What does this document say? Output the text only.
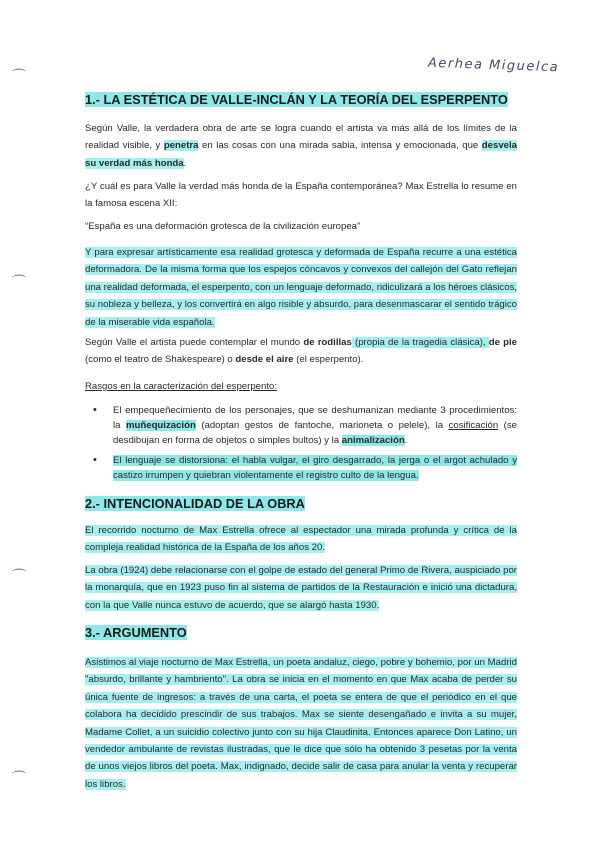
Aerhea Miguelca
⌒
⌒
⌒
⌒
1.- LA ESTÉTICA DE VALLE-INCLÁN Y LA TEORÍA DEL ESPERPENTO

Según Valle, la verdadera obra de arte se logra cuando el artista va más allá de los límites de la realidad visible, y penetra en las cosas con una mirada sabia, intensa y emocionada, que desvela su verdad más honda.

¿Y cuál es para Valle la verdad más honda de la España contemporánea? Max Estrella lo resume en la famosa escena XII:

“España es una deformación grotesca de la civilización europea”

Y para expresar artísticamente esa realidad grotesca y deformada de España recurre a una estética deformadora. De la misma forma que los espejos cóncavos y convexos del callejón del Gato reflejan una realidad deformada, el esperpento, con un lenguaje deformado, ridiculizará a los héroes clásicos, su nobleza y belleza, y los convertirá en algo risible y absurdo, para desenmascarar el sentido trágico de la miserable vida española.

Según Valle el artista puede contemplar el mundo de rodillas (propia de la tragedia clásica), de pie (como el teatro de Shakespeare) o desde el aire (el esperpento).

Rasgos en la caracterización del esperpento:

• El empequeñecimiento de los personajes, que se deshumanizan mediante 3 procedimientos: la muñequización (adoptan gestos de fantoche, marioneta o pelele), la cosificación (se desdibujan en forma de objetos o simples bultos) y la animalización.
• El lenguaje se distorsiona: el habla vulgar, el giro desgarrado, la jerga o el argot achulado y castizo irrumpen y quiebran violentamente el registro culto de la lengua.
2.- INTENCIONALIDAD DE LA OBRA

El recorrido nocturno de Max Estrella ofrece al espectador una mirada profunda y crítica de la compleja realidad histórica de la España de los años 20.

La obra (1924) debe relacionarse con el golpe de estado del general Primo de Rivera, auspiciado por la monarquía, que en 1923 puso fin al sistema de partidos de la Restauración e inició una dictadura, con la que Valle nunca estuvo de acuerdo, que se alargó hasta 1930.

3.- ARGUMENTO

Asistimos al viaje nocturno de Max Estrella, un poeta andaluz, ciego, pobre y bohemio, por un Madrid "absurdo, brillante y hambriento". La obra se inicia en el momento en que Max acaba de perder su única fuente de ingresos: a través de una carta, el poeta se entera de que el periódico en el que colabora ha decidido prescindir de sus trabajos. Max se siente desengañado e invita a su mujer, Madame Collet, a un suicidio colectivo junto con su hija Claudinita. Entonces aparece Don Latino, un vendedor ambulante de revistas ilustradas, que le dice que sólo ha obtenido 3 pesetas por la venta de unos viejos libros del poeta. Max, indignado, decide salir de casa para anular la venta y recuperar los libros.
